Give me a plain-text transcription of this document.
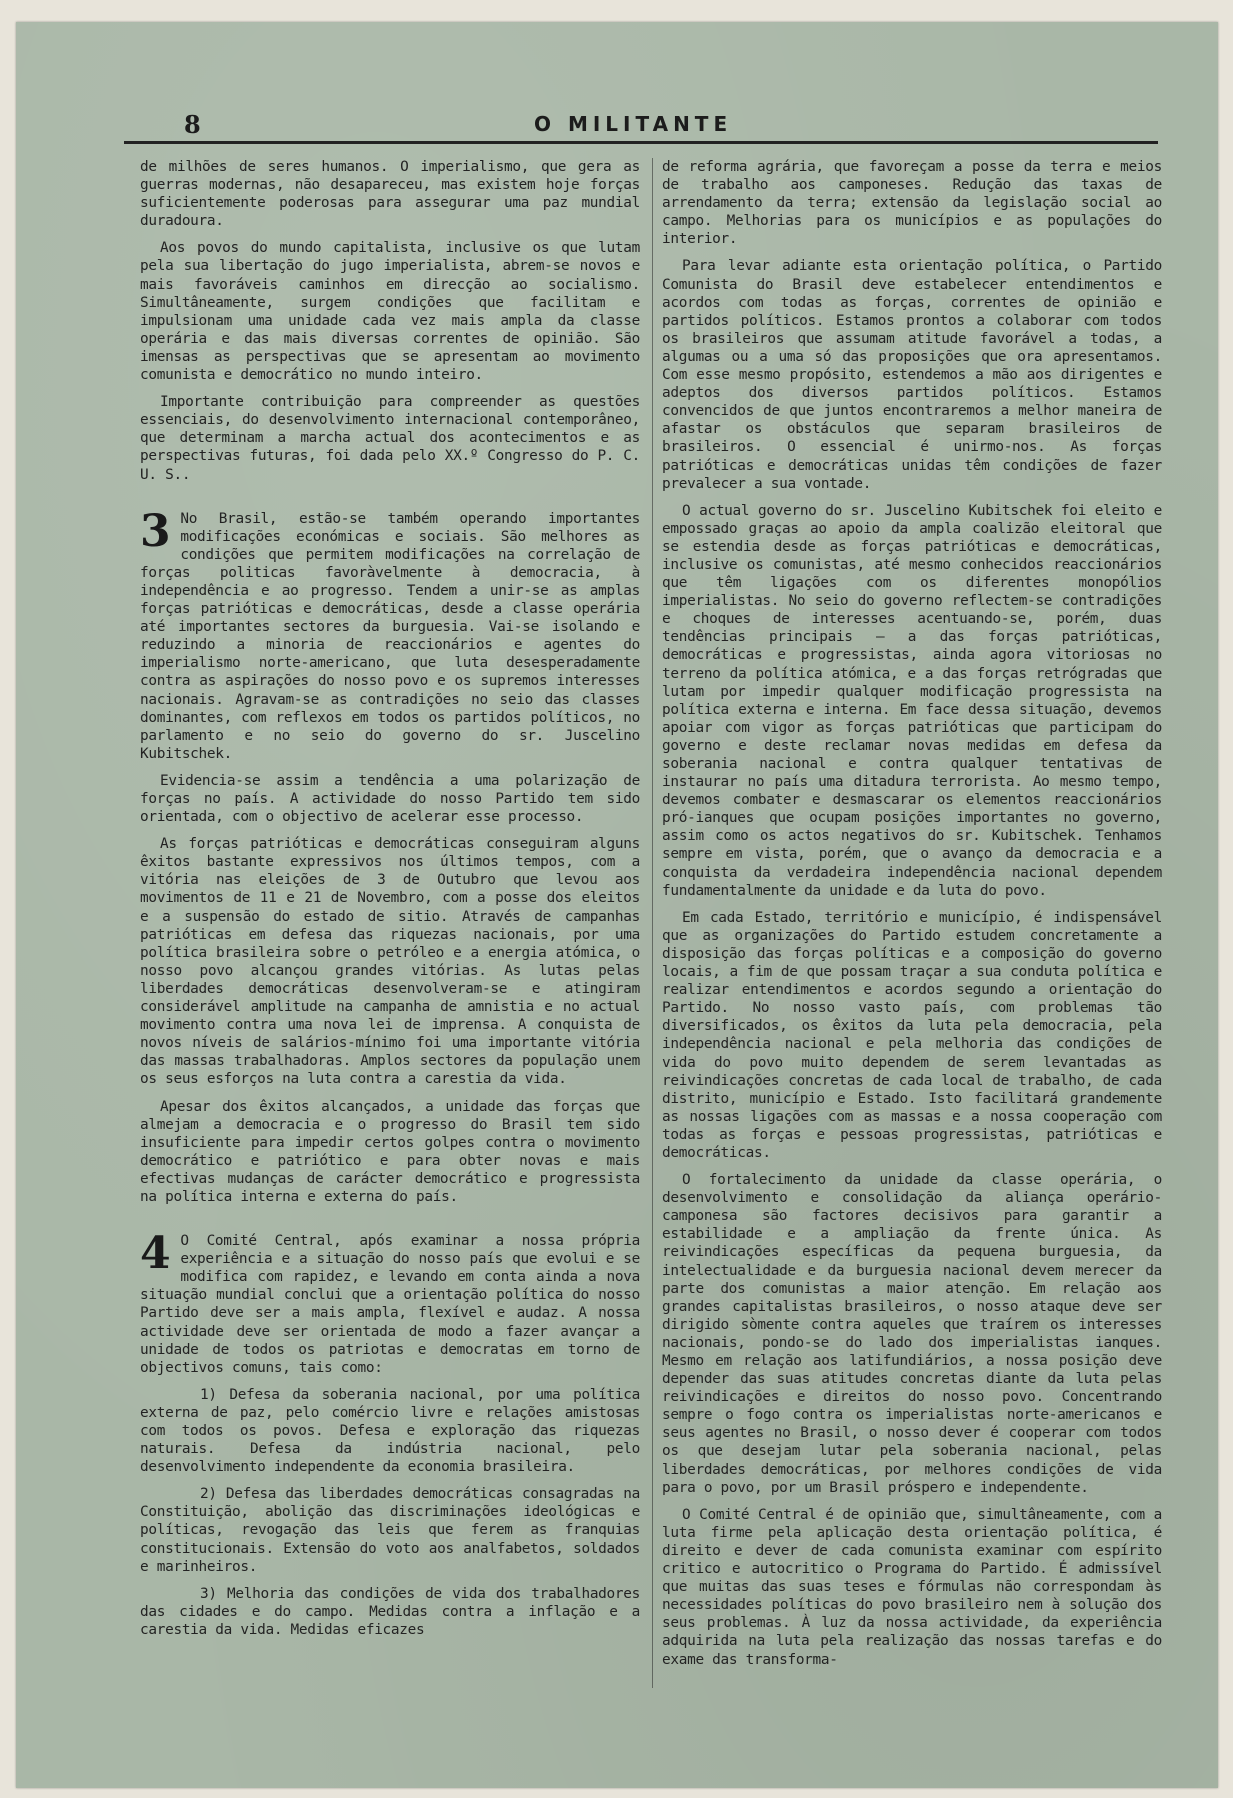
8	O MILITANTE

de milhões de seres humanos. O imperialismo, que gera as guerras modernas, não desapareceu, mas existem hoje forças suficientemente poderosas para assegurar uma paz mundial duradoura.

Aos povos do mundo capitalista, inclusive os que lutam pela sua libertação do jugo imperialista, abrem-se novos e mais favoráveis caminhos em direcção ao socialismo. Simultâneamente, surgem condições que facilitam e impulsionam uma unidade cada vez mais ampla da classe operária e das mais diversas correntes de opinião. São imensas as perspectivas que se apresentam ao movimento comunista e democrático no mundo inteiro.

Importante contribuição para compreender as questões essenciais, do desenvolvimento internacional contemporâneo, que determinam a marcha actual dos acontecimentos e as perspectivas futuras, foi dada pelo XX.º Congresso do P. C. U. S..

3 No Brasil, estão-se também operando importantes modificações económicas e sociais. São melhores as condições que permitem modificações na correlação de forças politicas favoràvelmente à democracia, à independência e ao progresso. Tendem a unir-se as amplas forças patrióticas e democráticas, desde a classe operária até importantes sectores da burguesia. Vai-se isolando e reduzindo a minoria de reaccionários e agentes do imperialismo norte-americano, que luta desesperadamente contra as aspirações do nosso povo e os supremos interesses nacionais. Agravam-se as contradições no seio das classes dominantes, com reflexos em todos os partidos políticos, no parlamento e no seio do governo do sr. Juscelino Kubitschek.

Evidencia-se assim a tendência a uma polarização de forças no país. A actividade do nosso Partido tem sido orientada, com o objectivo de acelerar esse processo.

As forças patrióticas e democráticas conseguiram alguns êxitos bastante expressivos nos últimos tempos, com a vitória nas eleições de 3 de Outubro que levou aos movimentos de 11 e 21 de Novembro, com a posse dos eleitos e a suspensão do estado de sitio. Através de campanhas patrióticas em defesa das riquezas nacionais, por uma política brasileira sobre o petróleo e a energia atómica, o nosso povo alcançou grandes vitórias. As lutas pelas liberdades democráticas desenvolveram-se e atingiram considerável amplitude na campanha de amnistia e no actual movimento contra uma nova lei de imprensa. A conquista de novos níveis de salários-mínimo foi uma importante vitória das massas trabalhadoras. Amplos sectores da população unem os seus esforços na luta contra a carestia da vida.

Apesar dos êxitos alcançados, a unidade das forças que almejam a democracia e o progresso do Brasil tem sido insuficiente para impedir certos golpes contra o movimento democrático e patriótico e para obter novas e mais efectivas mudanças de carácter democrático e progressista na política interna e externa do país.

4 O Comité Central, após examinar a nossa própria experiência e a situação do nosso país que evolui e se modifica com rapidez, e levando em conta ainda a nova situação mundial conclui que a orientação política do nosso Partido deve ser a mais ampla, flexível e audaz. A nossa actividade deve ser orientada de modo a fazer avançar a unidade de todos os patriotas e democratas em torno de objectivos comuns, tais como:

1) Defesa da soberania nacional, por uma política externa de paz, pelo comércio livre e relações amistosas com todos os povos. Defesa e exploração das riquezas naturais. Defesa da indústria nacional, pelo desenvolvimento independente da economia brasileira.

2) Defesa das liberdades democráticas consagradas na Constituição, abolição das discriminações ideológicas e políticas, revogação das leis que ferem as franquias constitucionais. Extensão do voto aos analfabetos, soldados e marinheiros.

3) Melhoria das condições de vida dos trabalhadores das cidades e do campo. Medidas contra a inflação e a carestia da vida. Medidas eficazes

de reforma agrária, que favoreçam a posse da terra e meios de trabalho aos camponeses. Redução das taxas de arrendamento da terra; extensão da legislação social ao campo. Melhorias para os municípios e as populações do interior.

Para levar adiante esta orientação política, o Partido Comunista do Brasil deve estabelecer entendimentos e acordos com todas as forças, correntes de opinião e partidos políticos. Estamos prontos a colaborar com todos os brasileiros que assumam atitude favorável a todas, a algumas ou a uma só das proposições que ora apresentamos. Com esse mesmo propósito, estendemos a mão aos dirigentes e adeptos dos diversos partidos políticos. Estamos convencidos de que juntos encontraremos a melhor maneira de afastar os obstáculos que separam brasileiros de brasileiros. O essencial é unirmo-nos. As forças patrióticas e democráticas unidas têm condições de fazer prevalecer a sua vontade.

O actual governo do sr. Juscelino Kubitschek foi eleito e empossado graças ao apoio da ampla coalizão eleitoral que se estendia desde as forças patrióticas e democráticas, inclusive os comunistas, até mesmo conhecidos reaccionários que têm ligações com os diferentes monopólios imperialistas. No seio do governo reflectem-se contradições e choques de interesses acentuando-se, porém, duas tendências principais — a das forças patrióticas, democráticas e progressistas, ainda agora vitoriosas no terreno da política atómica, e a das forças retrógradas que lutam por impedir qualquer modificação progressista na política externa e interna. Em face dessa situação, devemos apoiar com vigor as forças patrióticas que participam do governo e deste reclamar novas medidas em defesa da soberania nacional e contra qualquer tentativas de instaurar no país uma ditadura terrorista. Ao mesmo tempo, devemos combater e desmascarar os elementos reaccionários pró-ianques que ocupam posições importantes no governo, assim como os actos negativos do sr. Kubitschek. Tenhamos sempre em vista, porém, que o avanço da democracia e a conquista da verdadeira independência nacional dependem fundamentalmente da unidade e da luta do povo.

Em cada Estado, território e município, é indispensável que as organizações do Partido estudem concretamente a disposição das forças políticas e a composição do governo locais, a fim de que possam traçar a sua conduta política e realizar entendimentos e acordos segundo a orientação do Partido. No nosso vasto país, com problemas tão diversificados, os êxitos da luta pela democracia, pela independência nacional e pela melhoria das condições de vida do povo muito dependem de serem levantadas as reivindicações concretas de cada local de trabalho, de cada distrito, município e Estado. Isto facilitará grandemente as nossas ligações com as massas e a nossa cooperação com todas as forças e pessoas progressistas, patrióticas e democráticas.

O fortalecimento da unidade da classe operária, o desenvolvimento e consolidação da aliança operário-camponesa são factores decisivos para garantir a estabilidade e a ampliação da frente única. As reivindicações específicas da pequena burguesia, da intelectualidade e da burguesia nacional devem merecer da parte dos comunistas a maior atenção. Em relação aos grandes capitalistas brasileiros, o nosso ataque deve ser dirigido sòmente contra aqueles que traírem os interesses nacionais, pondo-se do lado dos imperialistas ianques. Mesmo em relação aos latifundiários, a nossa posição deve depender das suas atitudes concretas diante da luta pelas reivindicações e direitos do nosso povo. Concentrando sempre o fogo contra os imperialistas norte-americanos e seus agentes no Brasil, o nosso dever é cooperar com todos os que desejam lutar pela soberania nacional, pelas liberdades democráticas, por melhores condições de vida para o povo, por um Brasil próspero e independente.

O Comité Central é de opinião que, simultâneamente, com a luta firme pela aplicação desta orientação política, é direito e dever de cada comunista examinar com espírito critico e autocritico o Programa do Partido. É admissível que muitas das suas teses e fórmulas não correspondam às necessidades políticas do povo brasileiro nem à solução dos seus problemas. À luz da nossa actividade, da experiência adquirida na luta pela realização das nossas tarefas e do exame das transforma-
